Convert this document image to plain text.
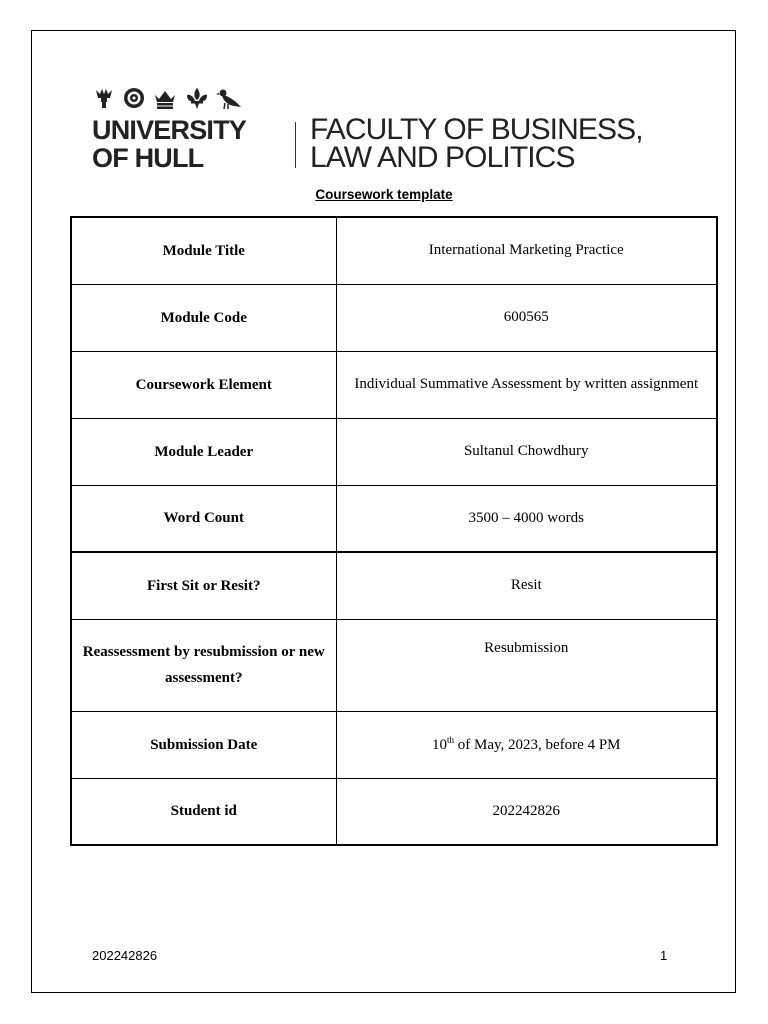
UNIVERSITY
OF HULL
FACULTY OF BUSINESS,
LAW AND POLITICS
Coursework template
Module Title	International Marketing Practice
Module Code	600565
Coursework Element	Individual Summative Assessment by written assignment
Module Leader	Sultanul Chowdhury
Word Count	3500 – 4000 words
First Sit or Resit?	Resit
Reassessment by resubmission or new assessment?	Resubmission
Submission Date	10th of May, 2023, before 4 PM
Student id	202242826
202242826	1
